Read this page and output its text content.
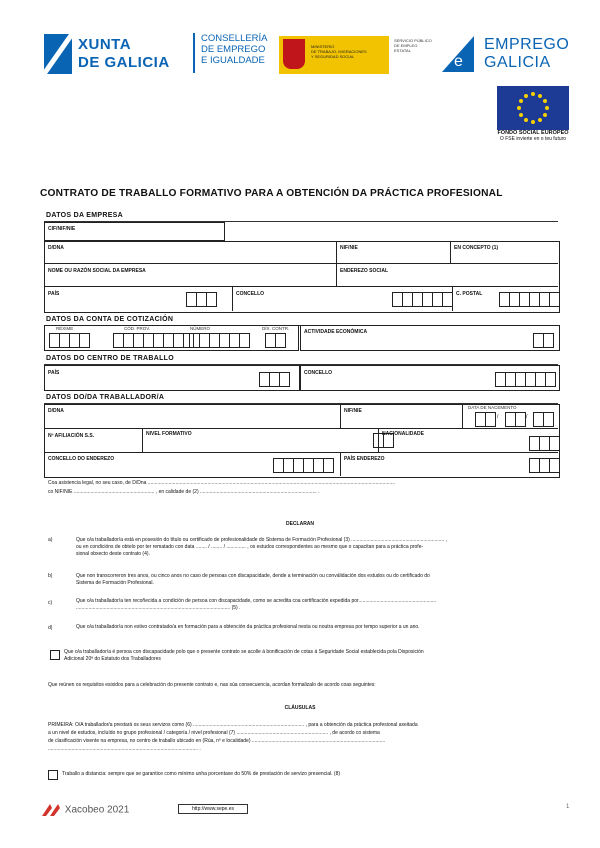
XUNTA
DE GALICIA
CONSELLERÍA
DE EMPREGO
E IGUALDADE
MINISTERIO
DE TRABAJO, MIGRACIONES
Y SEGURIDAD SOCIAL
SERVICIO PÚBLICO
DE EMPLEO ESTATAL
e
EMPREGO
GALICIA
FONDO SOCIAL EUROPEO
O FSE invierte en o teu futuro
CONTRATO DE TRABALLO FORMATIVO PARA A OBTENCIÓN DA PRÁCTICA PROFESIONAL
DATOS DA EMPRESA
CIF/NIF/NIE
D/DNA	NIF/NIE	EN CONCEPTO (1)
NOME OU RAZÓN SOCIAL DA EMPRESA	ENDEREZO SOCIAL
PAÍS	CONCELLO	C. POSTAL
DATOS DA CONTA DE COTIZACIÓN
RÉXIME	CÓD. PROV.	NÚMERO	DÍX. CONTR.
ACTIVIDADE ECONÓMICA
DATOS DO CENTRO DE TRABALLO
PAÍS	CONCELLO
DATOS DO/DA TRABALLADOR/A
D/DNA	NIF/NIE
DATA DE NACEMENTO
/	/
Nº AFILIACIÓN S.S.	NIVEL FORMATIVO	NACIONALIDADE
CONCELLO DO ENDEREZO	PAÍS ENDEREZO
Coa asistencia legal, no seu caso, de D/Dna ..................................................................................................................................................................................
co NIF/NIE .......................................................... , en calidade de (2) .................................................................................... .
DECLARAN
a)	Que o/a traballador/a está en posesión do título ou certificado de profesionalidade do Sistema de Formación Profesional (3) ................................................................... ,
ou en condicións de obtelo por ter rematado con data ........ / ........ / .............. , os estudos correspondentes ao mesmo que o capacitan para a práctica profe-
sional obxecto deste contrato (4).
b)	Que non transcorreron tres anos, ou cinco anos no caso de persoas con discapacidade, dende a terminación ou conválidación dos estudos ou do certificado do
Sistema de Formación Profesional.
c)	Que o/a traballador/a ten recoñecida a condición de persoa con discapacidade, como se acredita coa certificación expedida por........................................................
............................................................................................................... (5) .
d)	Que o/a traballador/a non estivo contratado/a en formación para a obtención da práctica profesional nesta ou noutra empresa por tempo superior a un ano.
Que o/a traballador/a é persoa con discapacidade polo que o presente contrato se acolle á bonificación de cotas á Seguridade Social establecida pola Disposición
Adicional 20ª do Estatuto dos Traballadores
Que reúnen os requisitos esixidos para a celebración do presente contrato e, nas súa consecuencia, acordan formalizalo de acordo coas seguintes:
CLÁUSULAS
PRIMEIRA: O/A traballador/a prestará os seus servizos como (6) ................................................................................ , para a obtención da práctica profesional axeitada
a un nivel de estudos, incluído no grupo profesional / categoría / nivel profesional (7) .................................................................. , de acordo co sistema
de clasificación vixente na empresa, no centro de traballo ubicado en (Rúa, nº e localidade) ................................................................................................
............................................................................................................ .
Traballo a distancia: sempre que se garantice como mínimo unha porcentaxe do 50% de prestación de servizo presencial. (8)
Xacobeo 2021	http://www.sepe.es	1
